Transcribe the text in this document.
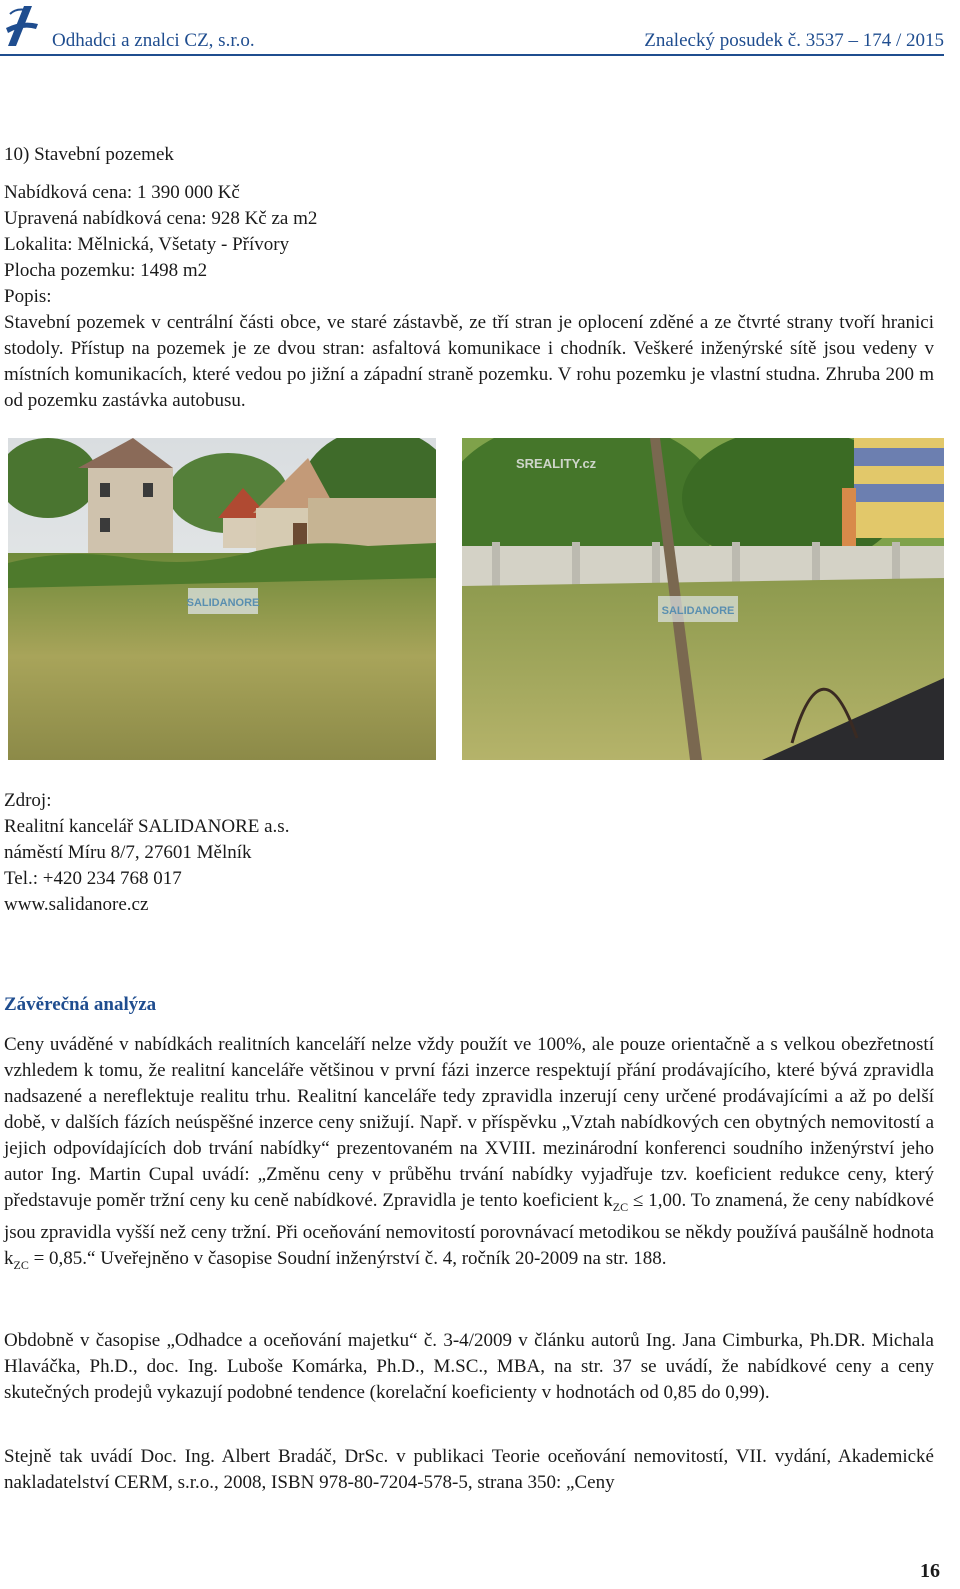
Odhadci a znalci CZ, s.r.o.	Znalecký posudek č. 3537 – 174 / 2015

10) Stavební pozemek

Nabídková cena: 1 390 000 Kč

Upravená nabídková cena: 928 Kč za m2

Lokalita: Mělnická, Všetaty - Přívory

Plocha pozemku: 1498 m2

Popis:

Stavební pozemek v centrální části obce, ve staré zástavbě, ze tří stran je oplocení zděné a ze čtvrté strany tvoří hranici stodoly. Přístup na pozemek je ze dvou stran: asfaltová komunikace i chodník. Veškeré inženýrské sítě jsou vedeny v místních komunikacích, které vedou po jižní a západní straně pozemku. V rohu pozemku je vlastní studna. Zhruba 200 m od pozemku zastávka autobusu.

SALIDANORE
SALIDANORE
SREALITY.cz

Zdroj:

Realitní kancelář SALIDANORE a.s.

náměstí Míru 8/7, 27601 Mělník

Tel.: +420 234 768 017

www.salidanore.cz

Závěrečná analýza

Ceny uváděné v nabídkách realitních kanceláří nelze vždy použít ve 100%, ale pouze orientačně a s velkou obezřetností vzhledem k tomu, že realitní kanceláře většinou v první fázi inzerce respektují přání prodávajícího, které bývá zpravidla nadsazené a nereflektuje realitu trhu. Realitní kanceláře tedy zpravidla inzerují ceny určené prodávajícími a až po delší době, v dalších fázích neúspěšné inzerce ceny snižují. Např. v příspěvku „Vztah nabídkových cen obytných nemovitostí a jejich odpovídajících dob trvání nabídky“ prezentovaném na XVIII. mezinárodní konferenci soudního inženýrství jeho autor Ing. Martin Cupal uvádí: „Změnu ceny v průběhu trvání nabídky vyjadřuje tzv. koeficient redukce ceny, který představuje poměr tržní ceny ku ceně nabídkové. Zpravidla je tento koeficient $k_{ZC} \le 1,00$. To znamená, že ceny nabídkové jsou zpravidla vyšší než ceny tržní. Při oceňování nemovitostí porovnávací metodikou se někdy používá paušálně hodnota $k_{ZC}$ = 0,85.“ Uveřejněno v časopise Soudní inženýrství č. 4, ročník 20-2009 na str. 188.

Obdobně v časopise „Odhadce a oceňování majetku“ č. 3-4/2009 v článku autorů Ing. Jana Cimburka, Ph.DR. Michala Hlaváčka, Ph.D., doc. Ing. Luboše Komárka, Ph.D., M.SC., MBA, na str. 37 se uvádí, že nabídkové ceny a ceny skutečných prodejů vykazují podobné tendence (korelační koeficienty v hodnotách od 0,85 do 0,99).

Stejně tak uvádí Doc. Ing. Albert Bradáč, DrSc. v publikaci Teorie oceňování nemovitostí, VII. vydání, Akademické nakladatelství CERM, s.r.o., 2008, ISBN 978-80-7204-578-5, strana 350: „Ceny

16
